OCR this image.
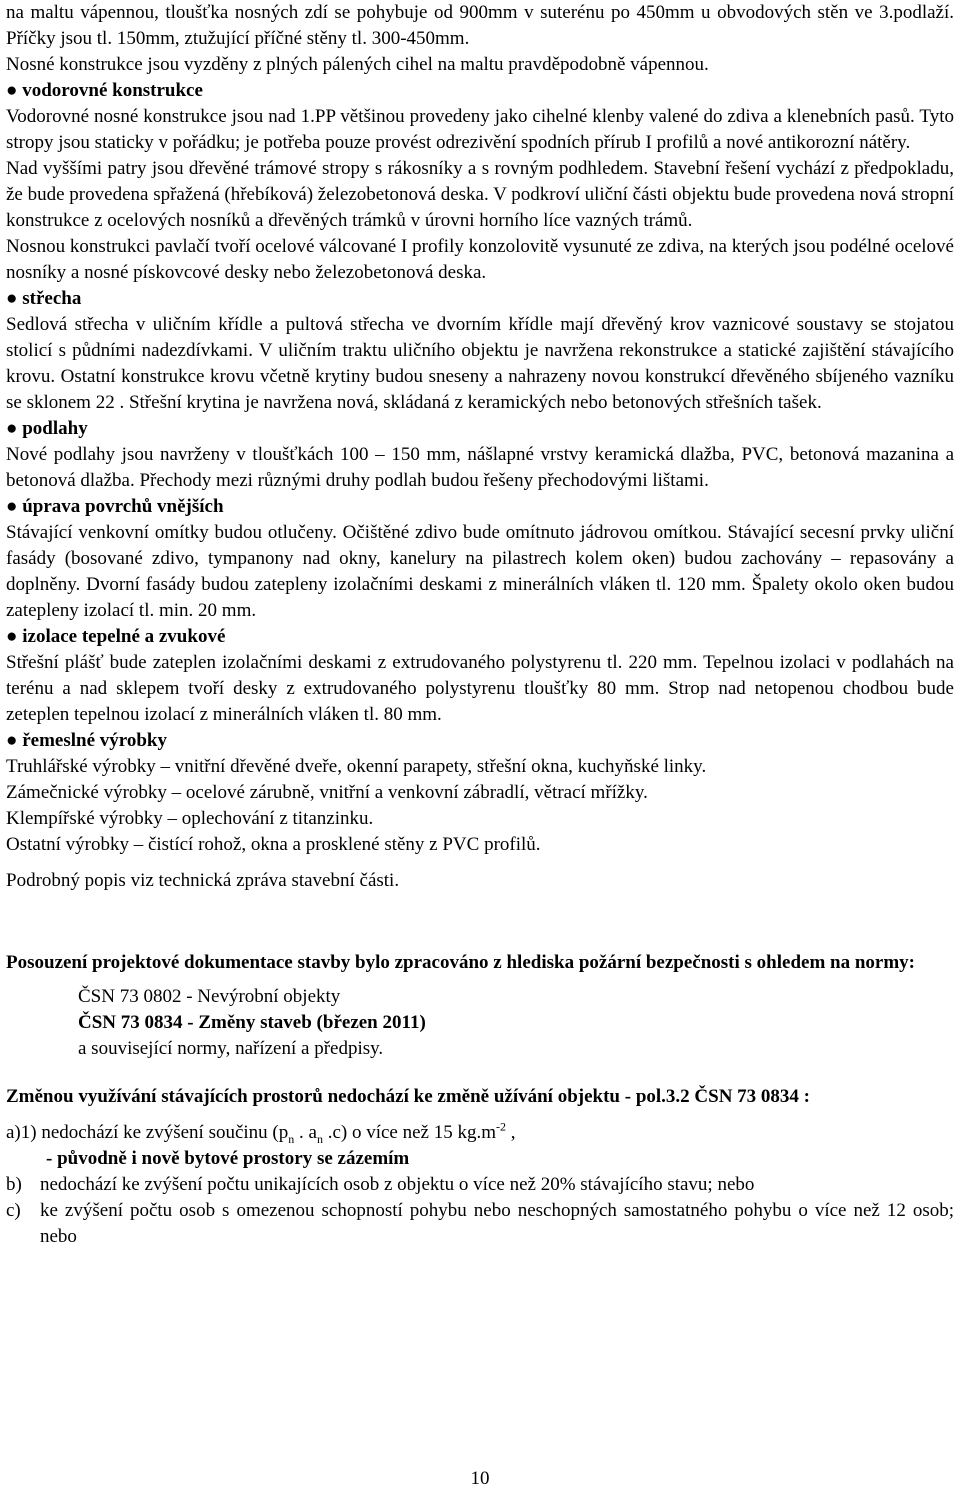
na maltu vápennou, tloušťka nosných zdí se pohybuje od 900mm v suterénu po 450mm u obvodových stěn ve 3.podlaží. Příčky jsou tl. 150mm, ztužující příčné stěny tl. 300-450mm.

Nosné konstrukce jsou vyzděny z plných pálených cihel na maltu pravděpodobně vápennou.

● vodorovné konstrukce

Vodorovné nosné konstrukce jsou nad 1.PP většinou provedeny jako cihelné klenby valené do zdiva a klenebních pasů. Tyto stropy jsou staticky v pořádku; je potřeba pouze provést odrezivění spodních přírub I profilů a nové antikorozní nátěry.

Nad vyššími patry jsou dřevěné trámové stropy s rákosníky a s rovným podhledem. Stavební řešení vychází z předpokladu, že bude provedena spřažená (hřebíková) železobetonová deska. V podkroví uliční části objektu bude provedena nová stropní konstrukce z ocelových nosníků a dřevěných trámků v úrovni horního líce vazných trámů.

Nosnou konstrukci pavlačí tvoří ocelové válcované I profily konzolovitě vysunuté ze zdiva, na kterých jsou podélné ocelové nosníky a nosné pískovcové desky nebo železobetonová deska.

● střecha

Sedlová střecha v uličním křídle a pultová střecha ve dvorním křídle mají dřevěný krov vaznicové soustavy se stojatou stolicí s půdními nadezdívkami. V uličním traktu uličního objektu je navržena rekonstrukce a statické zajištění stávajícího krovu. Ostatní konstrukce krovu včetně krytiny budou sneseny a nahrazeny novou konstrukcí dřevěného sbíjeného vazníku se sklonem 22 . Střešní krytina je navržena nová, skládaná z keramických nebo betonových střešních tašek.

● podlahy

Nové podlahy jsou navrženy v tloušťkách 100 – 150 mm, nášlapné vrstvy keramická dlažba, PVC, betonová mazanina a betonová dlažba. Přechody mezi různými druhy podlah budou řešeny přechodovými lištami.

● úprava povrchů vnějších

Stávající venkovní omítky budou otlučeny. Očištěné zdivo bude omítnuto jádrovou omítkou. Stávající secesní prvky uliční fasády (bosované zdivo, tympanony nad okny, kanelury na pilastrech kolem oken) budou zachovány – repasovány a doplněny. Dvorní fasády budou zatepleny izolačními deskami z minerálních vláken tl. 120 mm. Špalety okolo oken budou zatepleny izolací tl. min. 20 mm.

● izolace tepelné a zvukové

Střešní plášť bude zateplen izolačními deskami z extrudovaného polystyrenu tl. 220 mm. Tepelnou izolaci v podlahách na terénu a nad sklepem tvoří desky z extrudovaného polystyrenu tloušťky 80 mm. Strop nad netopenou chodbou bude zeteplen tepelnou izolací z minerálních vláken tl. 80 mm.

● řemeslné výrobky

Truhlářské výrobky – vnitřní dřevěné dveře, okenní parapety, střešní okna, kuchyňské linky.

Zámečnické výrobky – ocelové zárubně, vnitřní a venkovní zábradlí, větrací mřížky.

Klempířské výrobky – oplechování z titanzinku.

Ostatní výrobky – čistící rohož, okna a prosklené stěny z PVC profilů.

Podrobný popis viz technická zpráva stavební části.

Posouzení projektové dokumentace stavby bylo zpracováno z hlediska požární bezpečnosti s ohledem na normy:

ČSN 73 0802 - Nevýrobní objekty

ČSN 73 0834 - Změny staveb (březen 2011)

a související normy, nařízení a předpisy.

Změnou využívání stávajících prostorů nedochází ke změně užívání objektu - pol.3.2 ČSN 73 0834 :

a)1) nedochází ke zvýšení součinu ($p_n$ . $a_n$ .c) o více než 15 $kg.m^{-2}$ ,

- původně i nově bytové prostory se zázemím

b) nedochází ke zvýšení počtu unikajících osob z objektu o více než 20% stávajícího stavu; nebo
c)	ke zvýšení počtu osob s omezenou schopností pohybu nebo neschopných samostatného pohybu o více než 12 osob; nebo
10
